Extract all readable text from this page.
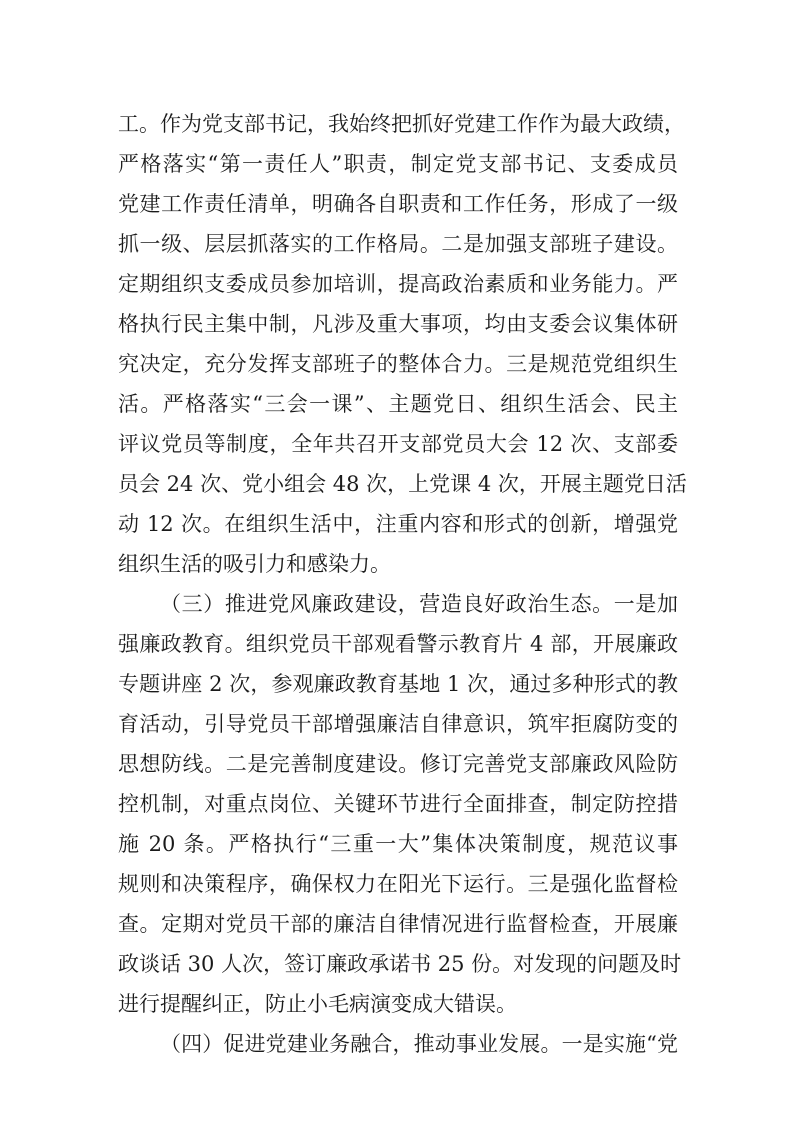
工。作为党支部书记，我始终把抓好党建工作作为最大政绩，
严格落实“第一责任人”职责，制定党支部书记、支委成员
党建工作责任清单，明确各自职责和工作任务，形成了一级
抓一级、层层抓落实的工作格局。二是加强支部班子建设。
定期组织支委成员参加培训，提高政治素质和业务能力。严
格执行民主集中制，凡涉及重大事项，均由支委会议集体研
究决定，充分发挥支部班子的整体合力。三是规范党组织生
活。严格落实“三会一课”、主题党日、组织生活会、民主
评议党员等制度，全年共召开支部党员大会 12 次、支部委
员会 24 次、党小组会 48 次，上党课 4 次，开展主题党日活
动 12 次。在组织生活中，注重内容和形式的创新，增强党
组织生活的吸引力和感染力。
（三）推进党风廉政建设，营造良好政治生态。一是加
强廉政教育。组织党员干部观看警示教育片 4 部，开展廉政
专题讲座 2 次，参观廉政教育基地 1 次，通过多种形式的教
育活动，引导党员干部增强廉洁自律意识，筑牢拒腐防变的
思想防线。二是完善制度建设。修订完善党支部廉政风险防
控机制，对重点岗位、关键环节进行全面排查，制定防控措
施 20 条。严格执行“三重一大”集体决策制度，规范议事
规则和决策程序，确保权力在阳光下运行。三是强化监督检
查。定期对党员干部的廉洁自律情况进行监督检查，开展廉
政谈话 30 人次，签订廉政承诺书 25 份。对发现的问题及时
进行提醒纠正，防止小毛病演变成大错误。
（四）促进党建业务融合，推动事业发展。一是实施“党
